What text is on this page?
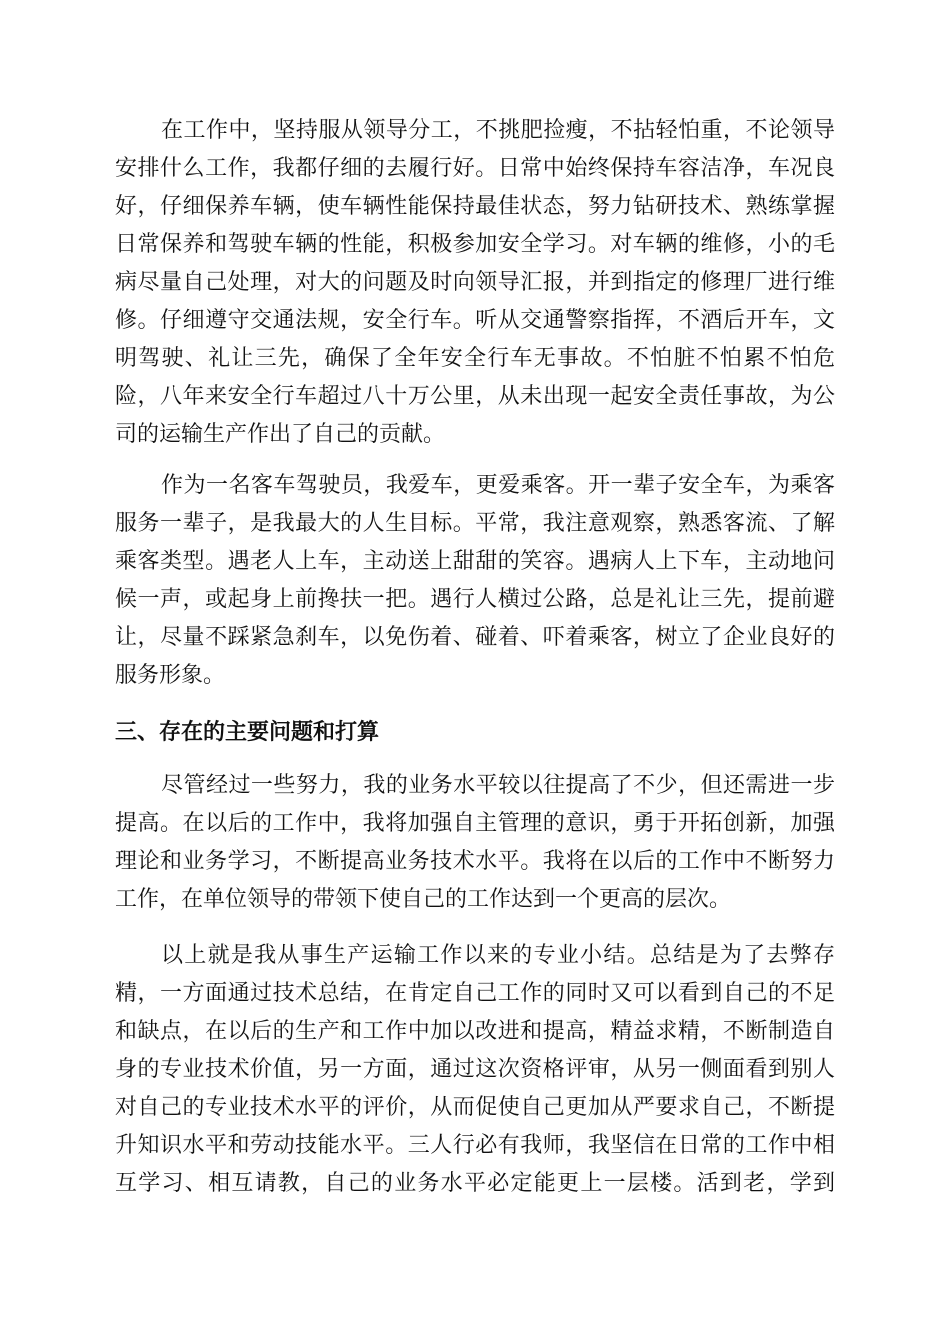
在工作中，坚持服从领导分工，不挑肥捡瘦，不拈轻怕重，不论领导
安排什么工作，我都仔细的去履行好。日常中始终保持车容洁净，车况良
好，仔细保养车辆，使车辆性能保持最佳状态，努力钻研技术、熟练掌握
日常保养和驾驶车辆的性能，积极参加安全学习。对车辆的维修，小的毛
病尽量自己处理，对大的问题及时向领导汇报，并到指定的修理厂进行维
修。仔细遵守交通法规，安全行车。听从交通警察指挥，不酒后开车，文
明驾驶、礼让三先，确保了全年安全行车无事故。不怕脏不怕累不怕危
险，八年来安全行车超过八十万公里，从未出现一起安全责任事故，为公
司的运输生产作出了自己的贡献。
作为一名客车驾驶员，我爱车，更爱乘客。开一辈子安全车，为乘客
服务一辈子，是我最大的人生目标。平常，我注意观察，熟悉客流、了解
乘客类型。遇老人上车，主动送上甜甜的笑容。遇病人上下车，主动地问
候一声，或起身上前搀扶一把。遇行人横过公路，总是礼让三先，提前避
让，尽量不踩紧急刹车，以免伤着、碰着、吓着乘客，树立了企业良好的
服务形象。
三、存在的主要问题和打算
尽管经过一些努力，我的业务水平较以往提高了不少，但还需进一步
提高。在以后的工作中，我将加强自主管理的意识，勇于开拓创新，加强
理论和业务学习，不断提高业务技术水平。我将在以后的工作中不断努力
工作，在单位领导的带领下使自己的工作达到一个更高的层次。
以上就是我从事生产运输工作以来的专业小结。总结是为了去弊存
精，一方面通过技术总结，在肯定自己工作的同时又可以看到自己的不足
和缺点，在以后的生产和工作中加以改进和提高，精益求精，不断制造自
身的专业技术价值，另一方面，通过这次资格评审，从另一侧面看到别人
对自己的专业技术水平的评价，从而促使自己更加从严要求自己，不断提
升知识水平和劳动技能水平。三人行必有我师，我坚信在日常的工作中相
互学习、相互请教，自己的业务水平必定能更上一层楼。活到老，学到
